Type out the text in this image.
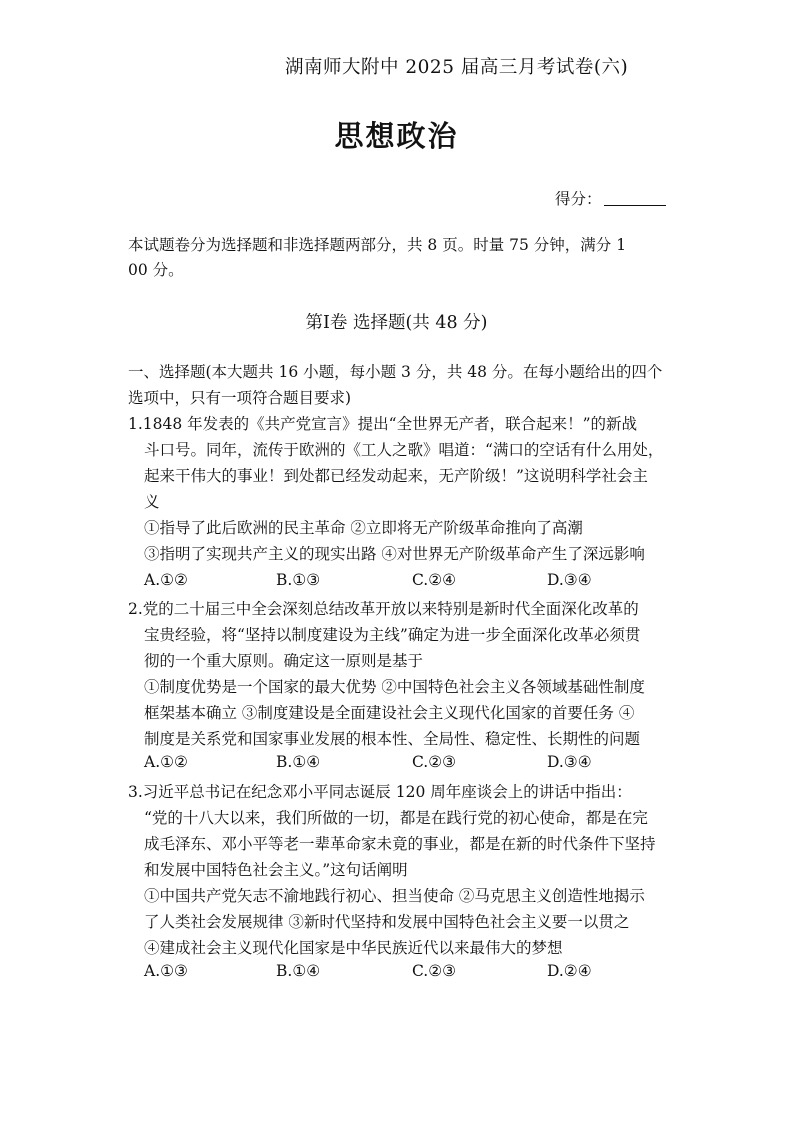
湖南师大附中 2025 届高三月考试卷(六)
思想政治
得分：
本试题卷分为选择题和非选择题两部分，共 8 页。时量 75 分钟，满分 1
00 分。
第Ⅰ卷 选择题(共 48 分)
一、选择题(本大题共 16 小题，每小题 3 分，共 48 分。在每小题给出的四个
选项中，只有一项符合题目要求)
1.1848 年发表的《共产党宣言》提出“全世界无产者，联合起来！”的新战
斗口号。同年，流传于欧洲的《工人之歌》唱道：“满口的空话有什么用处，
起来干伟大的事业！到处都已经发动起来，无产阶级！”这说明科学社会主
义
①指导了此后欧洲的民主革命 ②立即将无产阶级革命推向了高潮
③指明了实现共产主义的现实出路 ④对世界无产阶级革命产生了深远影响
A.①②	B.①③	C.②④	D.③④
2.党的二十届三中全会深刻总结改革开放以来特别是新时代全面深化改革的
宝贵经验，将“坚持以制度建设为主线”确定为进一步全面深化改革必须贯
彻的一个重大原则。确定这一原则是基于
①制度优势是一个国家的最大优势 ②中国特色社会主义各领域基础性制度
框架基本确立 ③制度建设是全面建设社会主义现代化国家的首要任务 ④
制度是关系党和国家事业发展的根本性、全局性、稳定性、长期性的问题
A.①②	B.①④	C.②③	D.③④
3.习近平总书记在纪念邓小平同志诞辰 120 周年座谈会上的讲话中指出：
“党的十八大以来，我们所做的一切，都是在践行党的初心使命，都是在完
成毛泽东、邓小平等老一辈革命家未竟的事业，都是在新的时代条件下坚持
和发展中国特色社会主义。”这句话阐明
①中国共产党矢志不渝地践行初心、担当使命 ②马克思主义创造性地揭示
了人类社会发展规律 ③新时代坚持和发展中国特色社会主义要一以贯之
④建成社会主义现代化国家是中华民族近代以来最伟大的梦想
A.①③	B.①④	C.②③	D.②④
